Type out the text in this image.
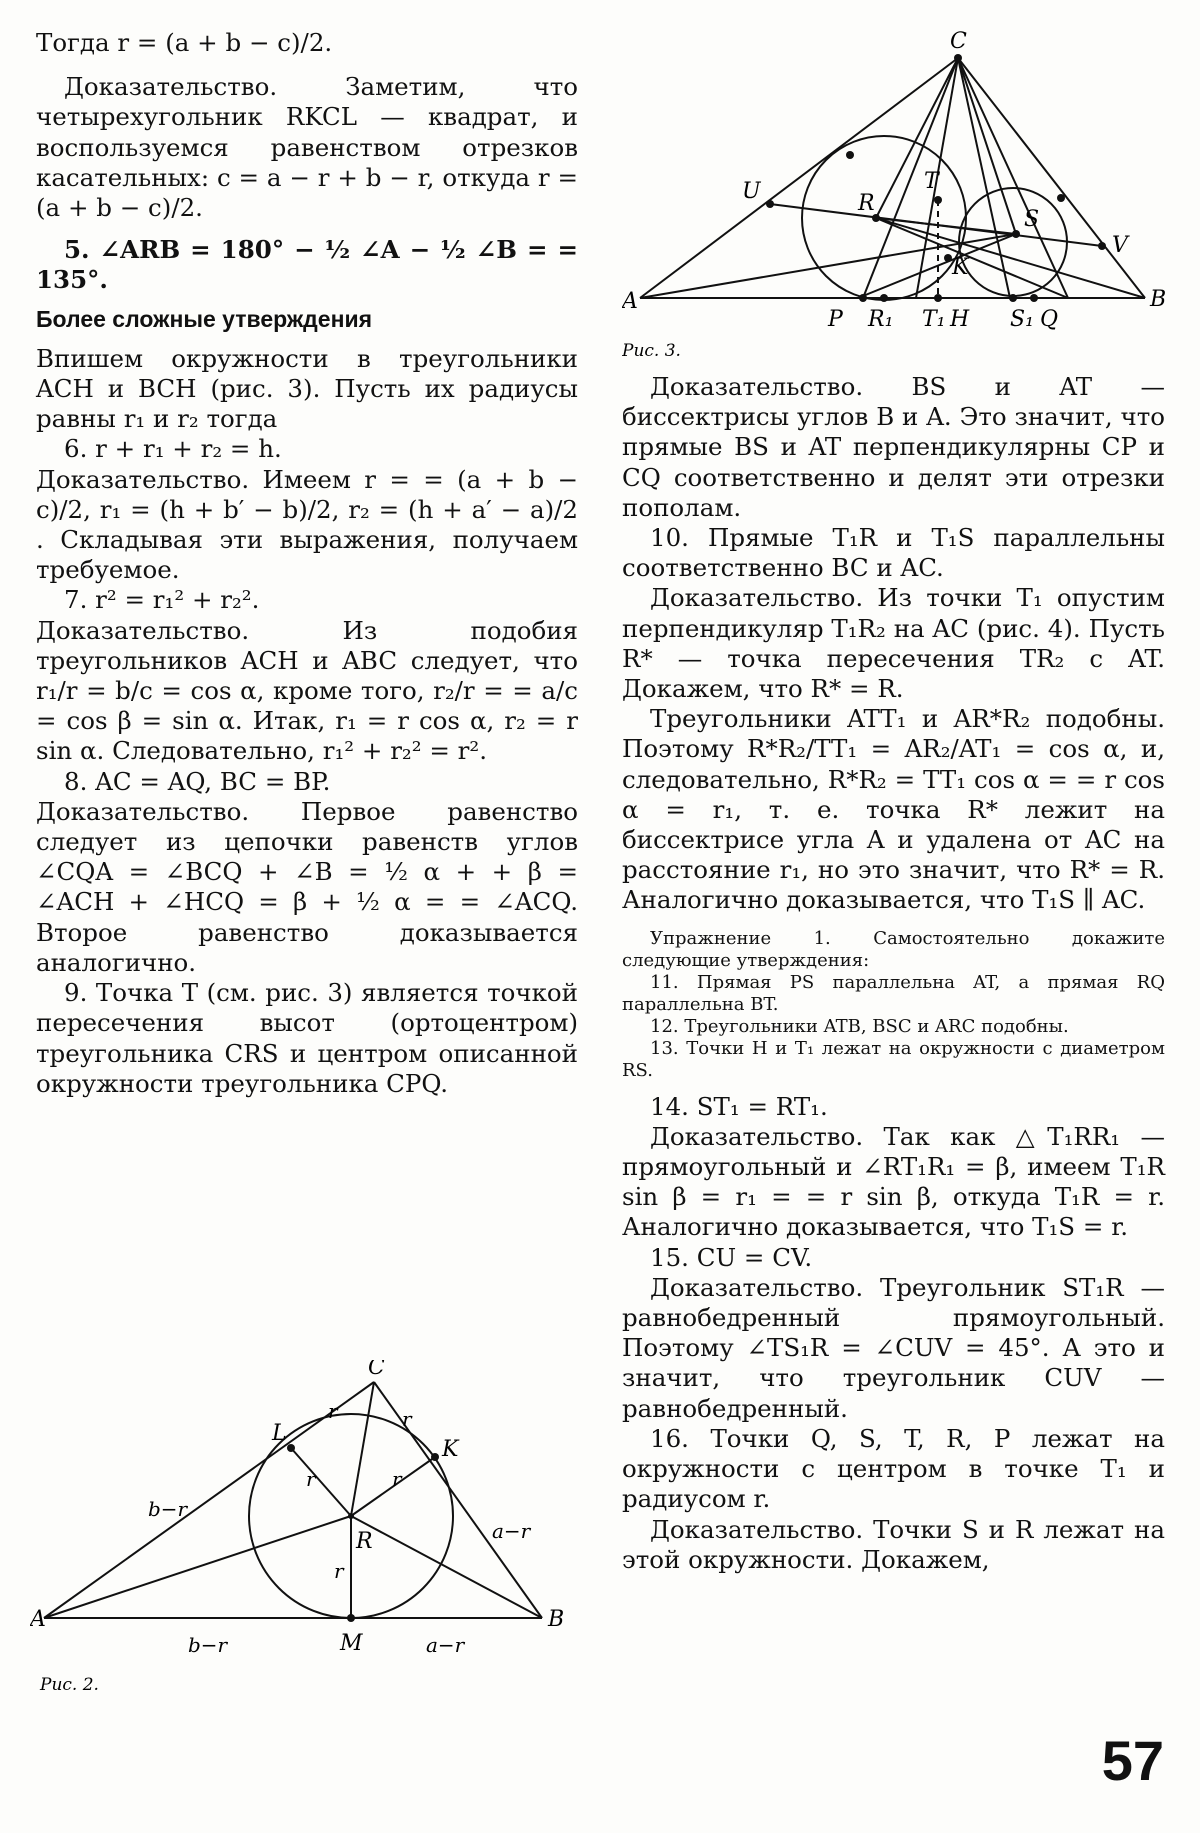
Тогда r = (a + b − c)/2.

Доказательство. Заметим, что четырехугольник RKCL — квадрат, и воспользуемся равенством отрезков касательных: c = a − r + b − r, откуда r = (a + b − c)/2.

5. ∠ARB = 180° − ½ ∠A − ½ ∠B = = 135°.

Более сложные утверждения

Впишем окружности в треугольники ACH и BCH (рис. 3). Пусть их радиусы равны r₁ и r₂ тогда

6. r + r₁ + r₂ = h.

Доказательство. Имеем r = = (a + b − c)/2, r₁ = (h + b′ − b)/2, r₂ = (h + a′ − a)/2 . Складывая эти выражения, получаем требуемое.

7. r² = r₁² + r₂².

Доказательство. Из подобия треугольников ACH и ABC следует, что r₁/r = b/c = cos α, кроме того, r₂/r = = a/c = cos β = sin α. Итак, r₁ = r cos α, r₂ = r sin α. Следовательно, r₁² + r₂² = r².

8. AC = AQ, BC = BP.

Доказательство. Первое равенство следует из цепочки равенств углов ∠CQA = ∠BCQ + ∠B = ½ α + + β = ∠ACH + ∠HCQ = β + ½ α = = ∠ACQ. Второе равенство доказывается аналогично.

9. Точка T (см. рис. 3) является точкой пересечения высот (ортоцентром) треугольника CRS и центром описанной окружности треугольника CPQ.

C
A	B
U
V
R
S
T
K
P R₁ T₁ H S₁ Q
Рис. 3.

Доказательство. BS и AT — биссектрисы углов B и A. Это значит, что прямые BS и AT перпендикулярны CP и CQ соответственно и делят эти отрезки пополам.

10. Прямые T₁R и T₁S параллельны соответственно BC и AC.

Доказательство. Из точки T₁ опустим перпендикуляр T₁R₂ на AC (рис. 4). Пусть R* — точка пересечения TR₂ с AT. Докажем, что R* = R.

Треугольники ATT₁ и AR*R₂ подобны. Поэтому R*R₂/TT₁ = AR₂/AT₁ = cos α, и, следовательно, R*R₂ = TT₁ cos α = = r cos α = r₁, т. е. точка R* лежит на биссектрисе угла A и удалена от AC на расстояние r₁, но это значит, что R* = R. Аналогично доказывается, что T₁S ∥ AC.

Упражнение 1. Самостоятельно докажите следующие утверждения:

11. Прямая PS параллельна AT, а прямая RQ параллельна BT.

12. Треугольники ATB, BSC и ARC подобны.

13. Точки H и T₁ лежат на окружности с диаметром RS.

14. ST₁ = RT₁.

Доказательство. Так как △T₁RR₁ — прямоугольный и ∠RT₁R₁ = β, имеем T₁R sin β = r₁ = = r sin β, откуда T₁R = r. Аналогично доказывается, что T₁S = r.

15. CU = CV.

Доказательство. Треугольник ST₁R — равнобедренный прямоугольный. Поэтому ∠TS₁R = ∠CUV = 45°. А это и значит, что треугольник CUV — равнобедренный.

16. Точки Q, S, T, R, P лежат на окружности с центром в точке T₁ и радиусом r.

Доказательство. Точки S и R лежат на этой окружности. Докажем,

C
A	B
L
K
M
R
r	r
r	r
r
b−r
a−r
b−r	a−r
Рис. 2.
57
